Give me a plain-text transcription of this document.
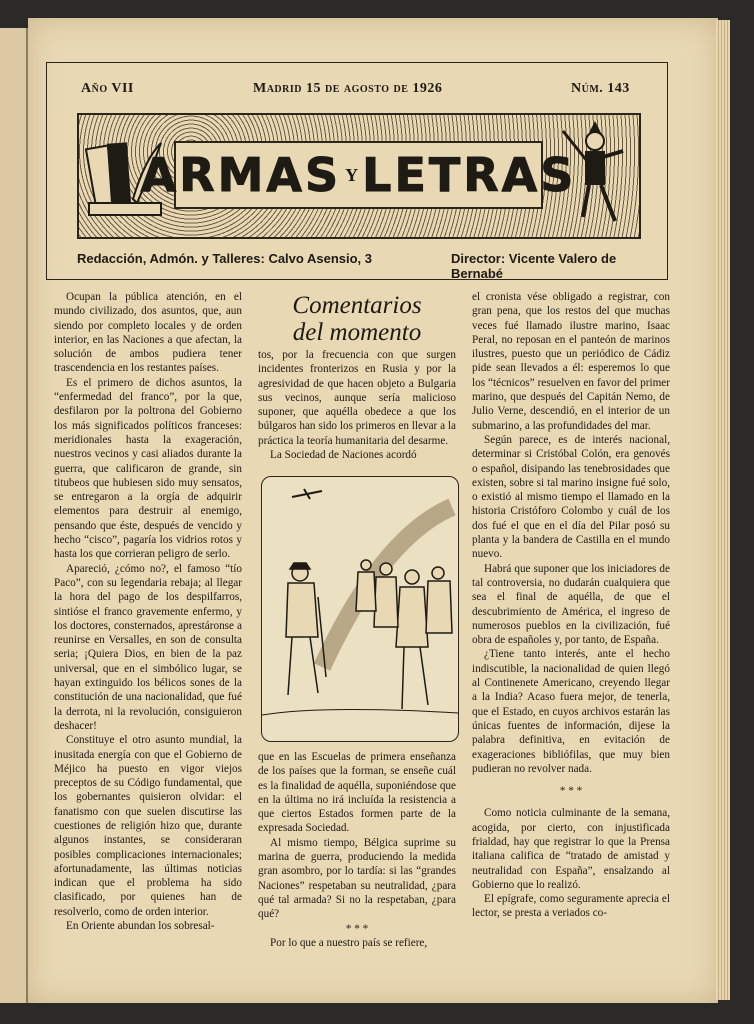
Año VII	Madrid 15 de agosto de 1926	Núm. 143
ARMAS Y LETRAS
Redacción, Admón. y Talleres: Calvo Asensio, 3	Director: Vicente Valero de Bernabé

Ocupan la pública atención, en el mundo civilizado, dos asuntos, que, aun siendo por completo locales y de orden interior, en las Naciones a que afectan, la solución de ambos pudiera tener trascendencia en los restantes países.

Es el primero de dichos asuntos, la “enfermedad del franco”, por la que, desfilaron por la poltrona del Gobierno los más significados políticos franceses: meridionales hasta la exageración, nuestros vecinos y casi aliados durante la guerra, que calificaron de grande, sin titubeos que hubiesen sido muy sensatos, se entregaron a la orgía de adquirir elementos para destruir al enemigo, pensando que éste, después de vencido y hecho “cisco”, pagaría los vidrios rotos y hasta los que corrieran peligro de serlo.

Apareció, ¿cómo no?, el famoso “tío Paco”, con su legendaria rebaja; al llegar la hora del pago de los despilfarros, sintióse el franco gravemente enfermo, y los doctores, consternados, aprestáronse a reunirse en Versalles, en son de consulta seria; ¡Quiera Dios, en bien de la paz universal, que en el simbólico lugar, se hayan extinguido los bélicos sones de la constitución de una nacionalidad, que fué la derrota, ni la revolución, consiguieron deshacer!

Constituye el otro asunto mundial, la inusitada energía con que el Gobierno de Méjico ha puesto en vigor viejos preceptos de su Código fundamental, que los gobernantes quisieron olvidar: el fanatismo con que suelen discutirse las cuestiones de religión hizo que, durante algunos instantes, se consideraran posibles complicaciones internacionales; afortunadamente, las últimas noticias indican que el problema ha sido clasificado, por quienes han de resolverlo, como de orden interior.

En Oriente abundan los sobresal-

Comentarios
del momento

tos, por la frecuencia con que surgen incidentes fronterizos en Rusia y por la agresividad de que hacen objeto a Bulgaria sus vecinos, aunque sería malicioso suponer, que aquélla obedece a que los búlgaros han sido los primeros en llevar a la práctica la teoría humanitaria del desarme.

La Sociedad de Naciones acordó

que en las Escuelas de primera enseñanza de los países que la forman, se enseñe cuál es la finalidad de aquélla, suponiéndose que en la última no irá incluída la resistencia a que ciertos Estados formen parte de la expresada Sociedad.

Al mismo tiempo, Bélgica suprime su marina de guerra, produciendo la medida gran asombro, por lo tardía: si las “grandes Naciones” respetaban su neutralidad, ¿para qué tal armada? Si no la respetaban, ¿para qué?

* * *

Por lo que a nuestro país se refiere,

el cronista vése obligado a registrar, con gran pena, que los restos del que muchas veces fué llamado ilustre marino, Isaac Peral, no reposan en el panteón de marinos ilustres, puesto que un periódico de Cádiz pide sean llevados a él: esperemos lo que los “técnicos” resuelven en favor del primer marino, que después del Capitán Nemo, de Julio Verne, descendió, en el interior de un submarino, a las profundidades del mar.

Según parece, es de interés nacional, determinar si Cristóbal Colón, era genovés o español, disipando las tenebrosidades que existen, sobre si tal marino insigne fué solo, o existió al mismo tiempo el llamado en la historia Cristóforo Colombo y cuál de los dos fué el que en el día del Pilar posó su planta y la bandera de Castilla en el mundo nuevo.

Habrá que suponer que los iniciadores de tal controversia, no dudarán cualquiera que sea el final de aquélla, de que el descubrimiento de América, el ingreso de numerosos pueblos en la civilización, fué obra de españoles y, por tanto, de España.

¿Tiene tanto interés, ante el hecho indiscutible, la nacionalidad de quien llegó al Continenete Americano, creyendo llegar a la India? Acaso fuera mejor, de tenerla, que el Estado, en cuyos archivos estarán las únicas fuentes de información, dijese la palabra definitiva, en evitación de exageraciones bibliófilas, que muy bien pudieran no revolver nada.

* * *

Como noticia culminante de la semana, acogida, por cierto, con injustificada frialdad, hay que registrar lo que la Prensa italiana califica de “tratado de amistad y neutralidad con España”, ensalzando al Gobierno que lo realizó.

El epígrafe, como seguramente aprecia el lector, se presta a veriados co-
